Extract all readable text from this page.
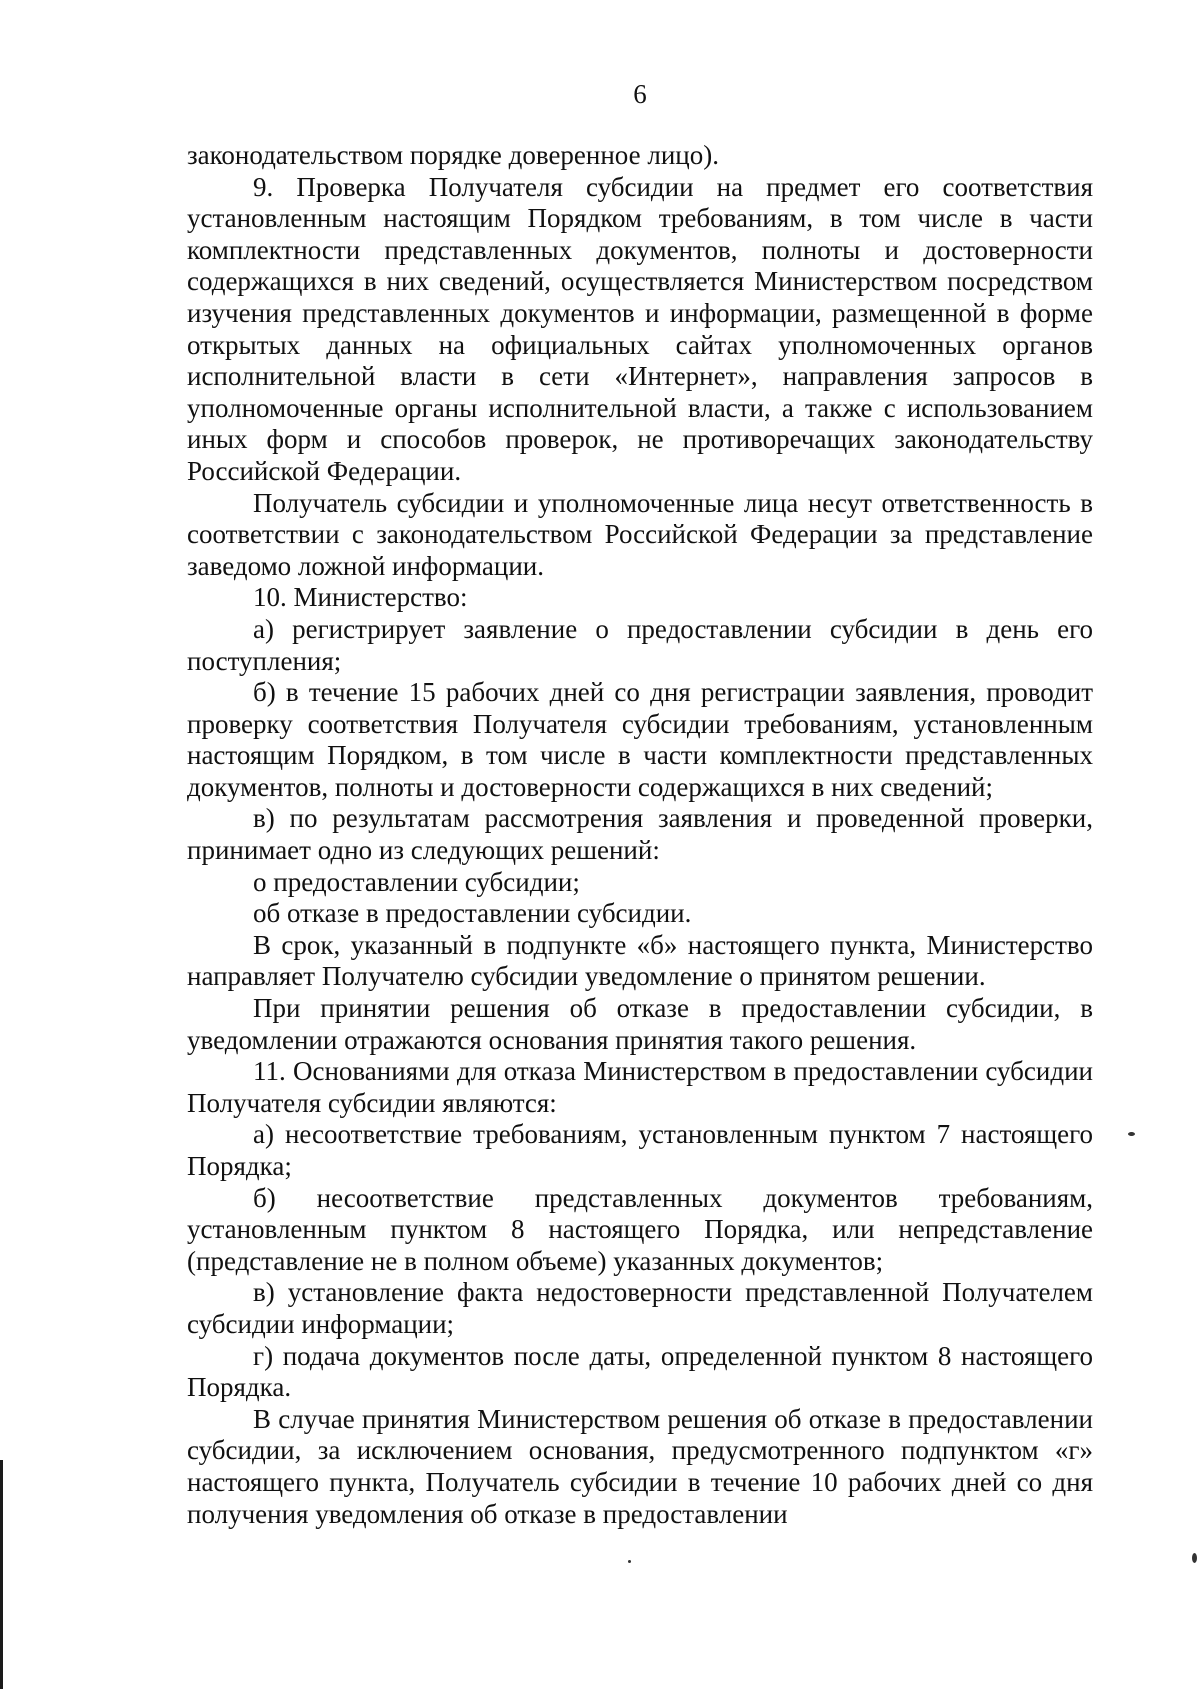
6

законодательством порядке доверенное лицо).

9. Проверка Получателя субсидии на предмет его соответствия установленным настоящим Порядком требованиям, в том числе в части комплектности представленных документов, полноты и достоверности содержащихся в них сведений, осуществляется Министерством посредством изучения представленных документов и информации, размещенной в форме открытых данных на официальных сайтах уполномоченных органов исполнительной власти в сети «Интернет», направления запросов в уполномоченные органы исполнительной власти, а также с использованием иных форм и способов проверок, не противоречащих законодательству Российской Федерации.

Получатель субсидии и уполномоченные лица несут ответственность в соответствии с законодательством Российской Федерации за представление заведомо ложной информации.

10. Министерство:

а) регистрирует заявление о предоставлении субсидии в день его поступления;

б) в течение 15 рабочих дней со дня регистрации заявления, проводит проверку соответствия Получателя субсидии требованиям, установленным настоящим Порядком, в том числе в части комплектности представленных документов, полноты и достоверности содержащихся в них сведений;

в) по результатам рассмотрения заявления и проведенной проверки, принимает одно из следующих решений:

о предоставлении субсидии;

об отказе в предоставлении субсидии.

В срок, указанный в подпункте «б» настоящего пункта, Министерство направляет Получателю субсидии уведомление о принятом решении.

При принятии решения об отказе в предоставлении субсидии, в уведомлении отражаются основания принятия такого решения.

11. Основаниями для отказа Министерством в предоставлении субсидии Получателя субсидии являются:

а) несоответствие требованиям, установленным пунктом 7 настоящего Порядка;

б) несоответствие представленных документов требованиям, установленным пунктом 8 настоящего Порядка, или непредставление (представление не в полном объеме) указанных документов;

в) установление факта недостоверности представленной Получателем субсидии информации;

г) подача документов после даты, определенной пунктом 8 настоящего Порядка.

В случае принятия Министерством решения об отказе в предоставлении субсидии, за исключением основания, предусмотренного подпунктом «г» настоящего пункта, Получатель субсидии в течение 10 рабочих дней со дня получения уведомления об отказе в предоставлении
